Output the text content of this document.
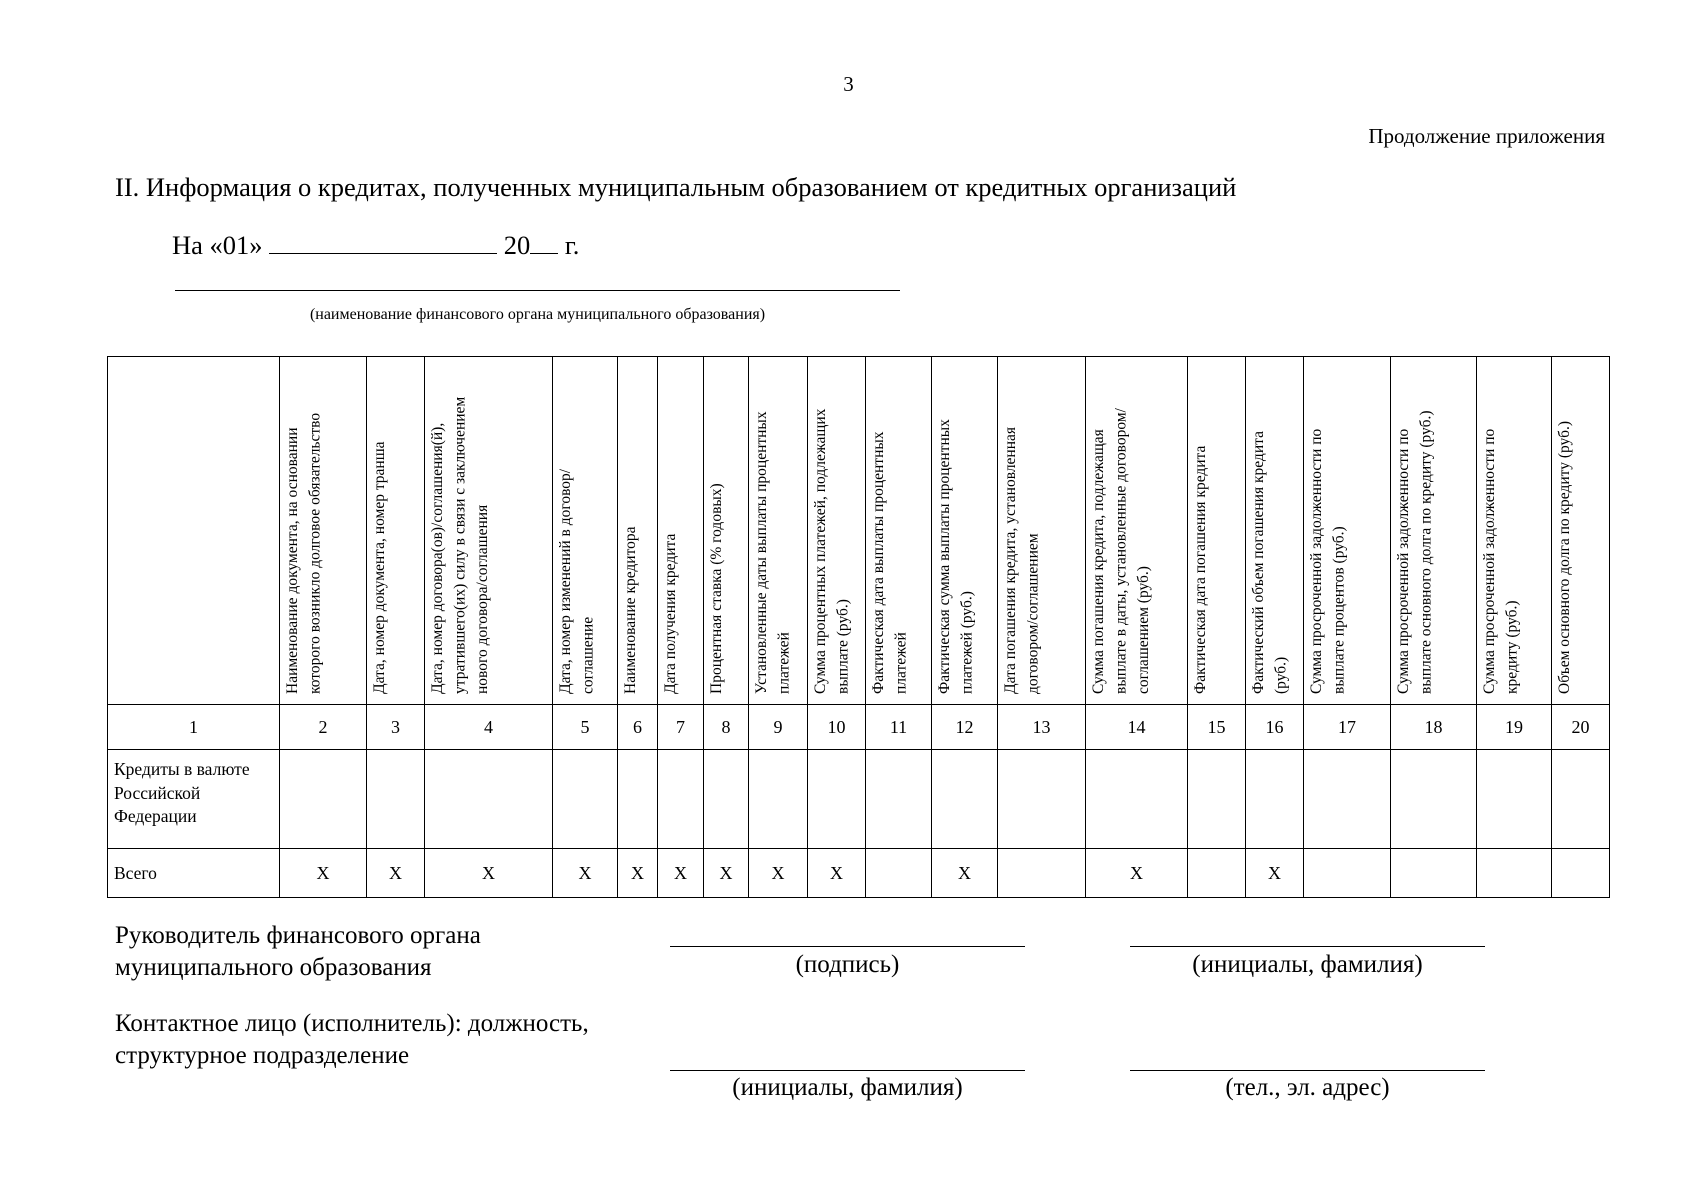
3
Продолжение приложения
II. Информация о кредитах, полученных муниципальным образованием от кредитных организаций
На «01»	20 г.
(наименование финансового органа муниципального образования)

	Наименование документа, на основании которого возникло долговое обязательство	Дата, номер документа, номер транша	Дата, номер договора(ов)/соглашения(й), утратившего(их) силу в связи с заключением нового договора/соглашения	Дата, номер изменений в договор/соглашение	Наименование кредитора	Дата получения кредита	Процентная ставка (% годовых)	Установленные даты выплаты процентных платежей	Сумма процентных платежей, подлежащих выплате (руб.)	Фактическая дата выплаты процентных платежей	Фактическая сумма выплаты процентных платежей (руб.)	Дата погашения кредита, установленная договором/соглашением	Сумма погашения кредита, подлежащая выплате в даты, установленные договором/соглашением (руб.)	Фактическая дата погашения кредита	Фактический объем погашения кредита (руб.)	Сумма просроченной задолженности по выплате процентов (руб.)	Сумма просроченной задолженности по выплате основного долга по кредиту (руб.)	Сумма просроченной задолженности по кредиту (руб.)	Объем основного долга по кредиту (руб.)

1	2	3	4	5	6	7	8	9	10	11	12	13	14	15	16	17	18	19	20
Кредиты в валюте Российской Федерации																			
Всего	Х	Х	Х	Х	Х	Х	Х	Х	Х		Х		Х		Х				
Руководитель финансового органа муниципального образования	(подпись)	(инициалы, фамилия)
Контактное лицо (исполнитель): должность, структурное подразделение
(инициалы, фамилия)	(тел., эл. адрес)
